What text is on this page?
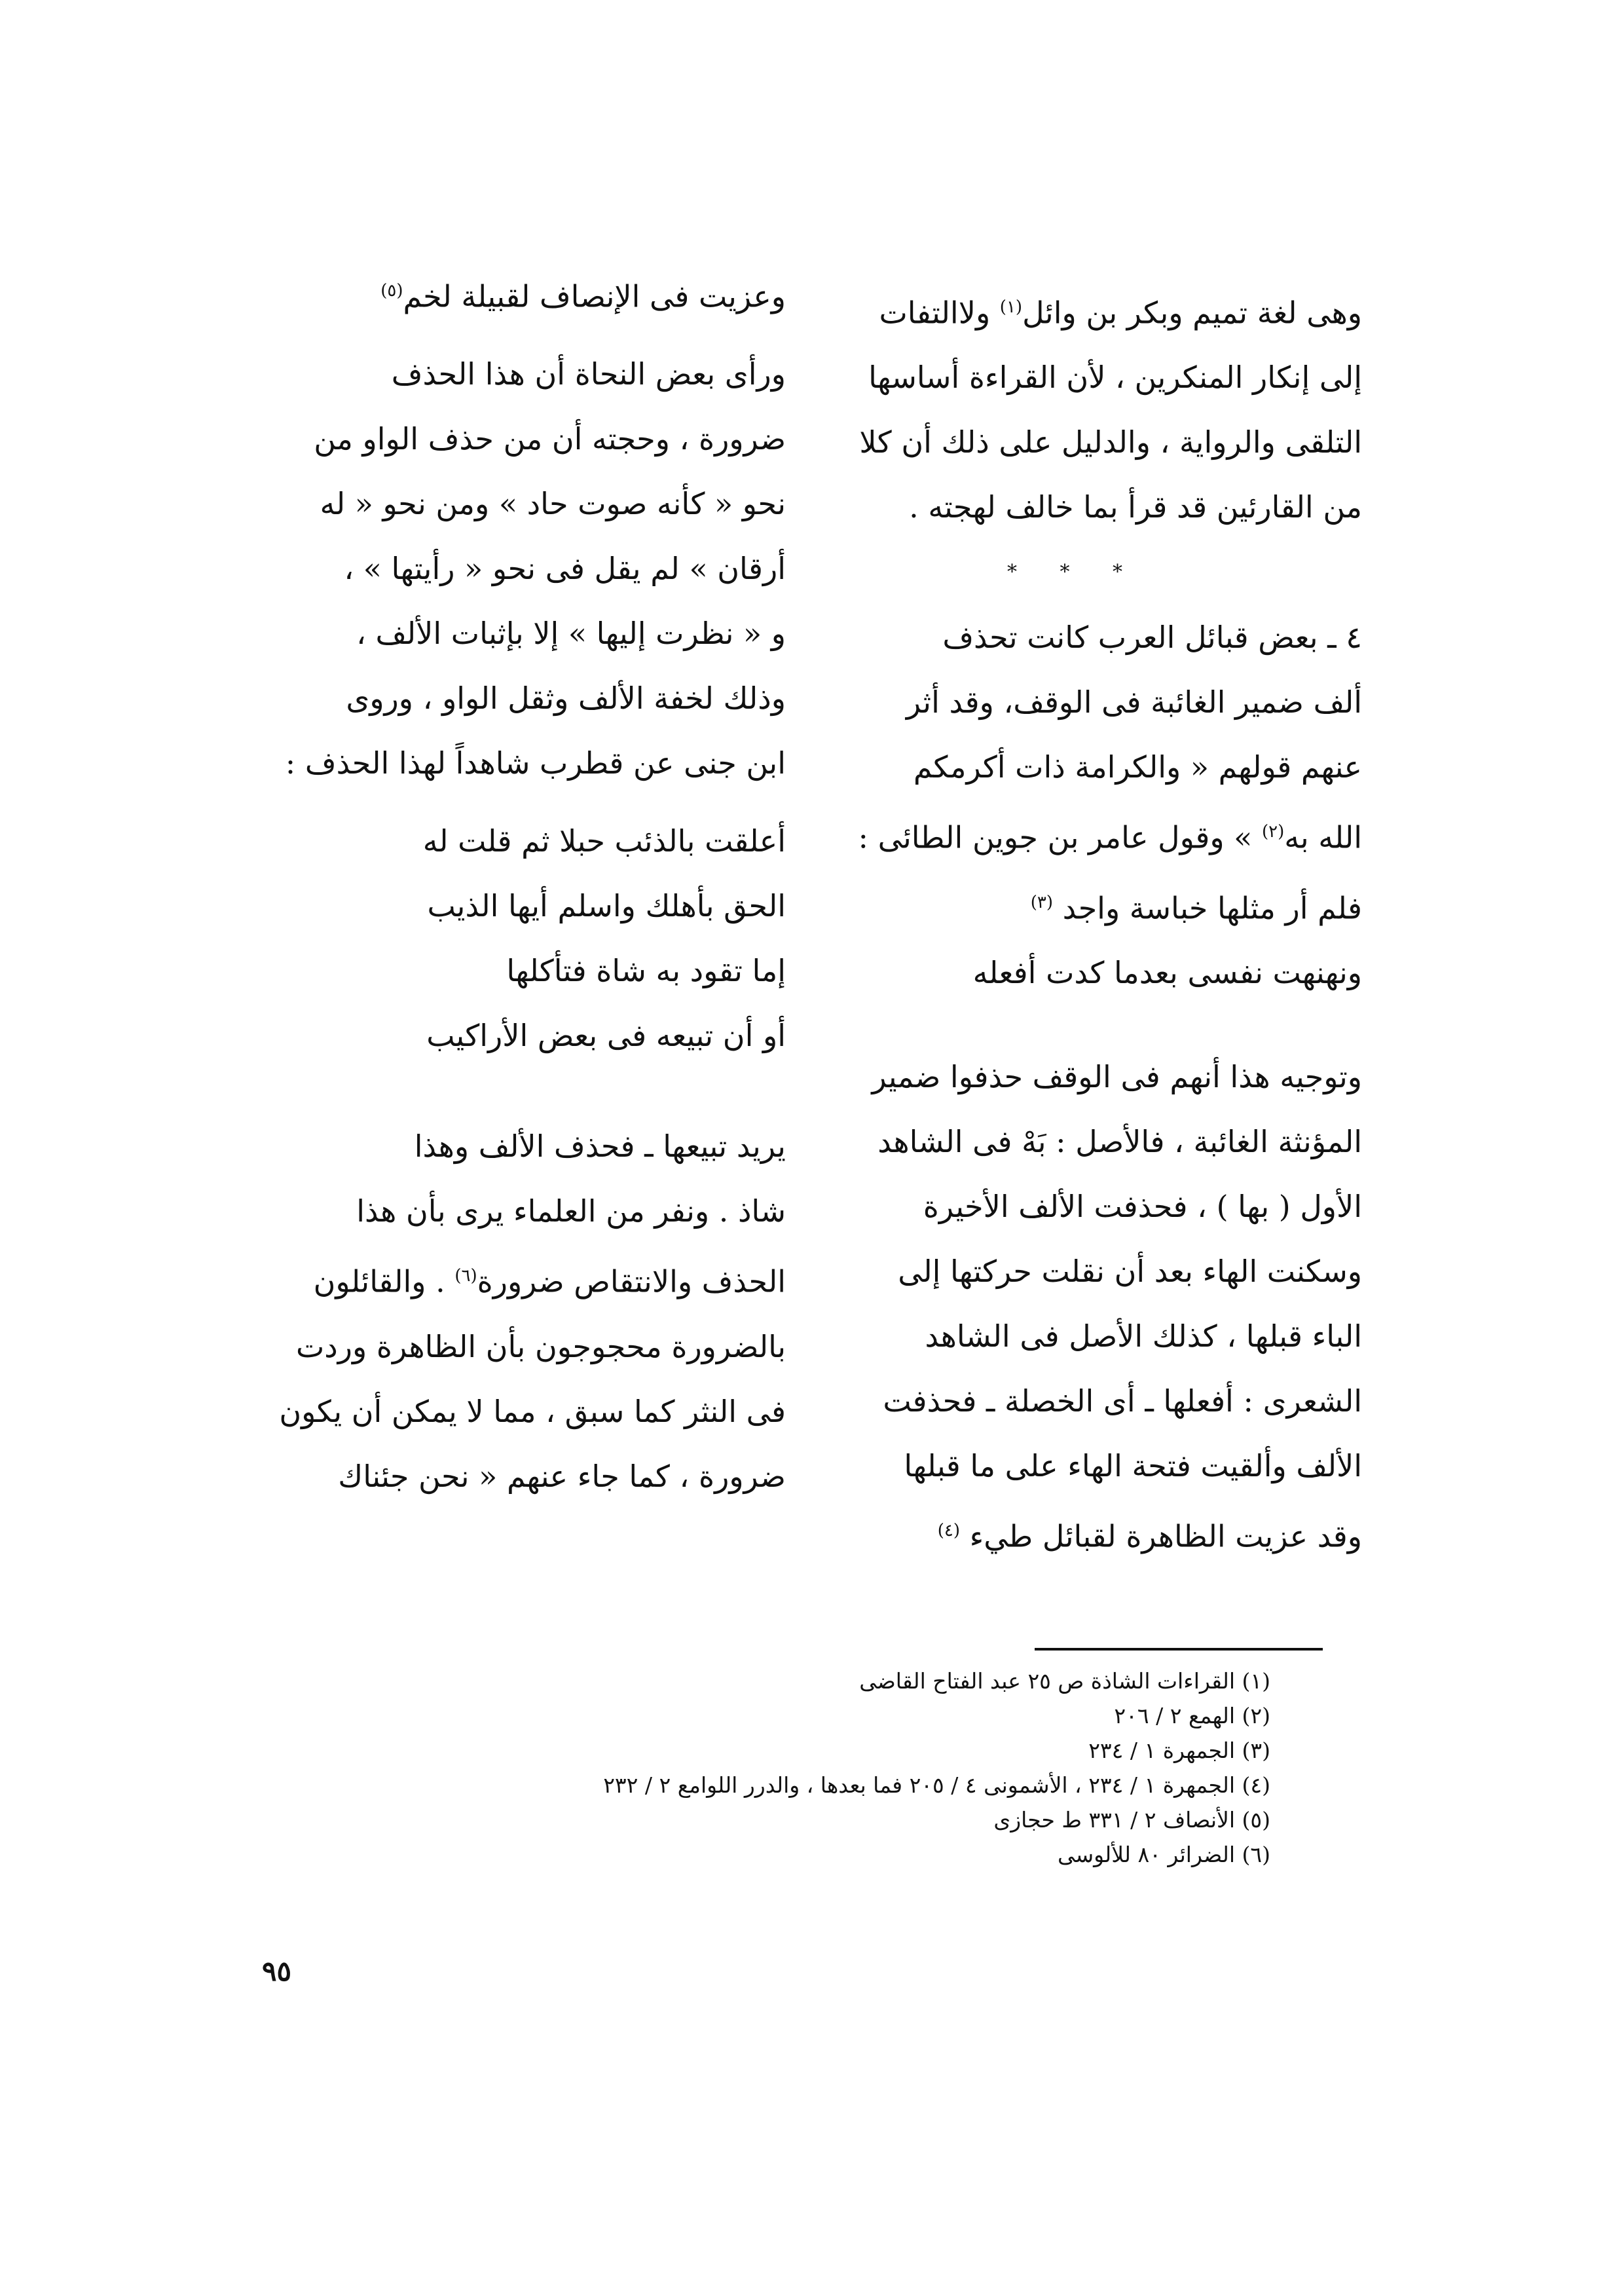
وهى لغة تميم وبكر بن وائل$^{(١)}$ ولاالتفات

إلى إنكار المنكرين ، لأن القراءة أساسها

التلقى والرواية ، والدليل على ذلك أن كلا

من القارئين قد قرأ بما خالف لهجته .

* * *

٤ ـ بعض قبائل العرب كانت تحذف

ألف ضمير الغائبة فى الوقف، وقد أثر

عنهم قولهم « والكرامة ذات أكرمكم

الله به$^{(٢)}$ » وقول عامر بن جوين الطائى :

فلم أر مثلها خباسة واجد $^{(٣)}$

ونهنهت نفسى بعدما كدت أفعله

وتوجيه هذا أنهم فى الوقف حذفوا ضمير

المؤنثة الغائبة ، فالأصل : بَهْ فى الشاهد

الأول ( بها ) ، فحذفت الألف الأخيرة

وسكنت الهاء بعد أن نقلت حركتها إلى

الباء قبلها ، كذلك الأصل فى الشاهد

الشعرى : أفعلها ـ أى الخصلة ـ فحذفت

الألف وألقيت فتحة الهاء على ما قبلها

وقد عزيت الظاهرة لقبائل طيء $^{(٤)}$

وعزيت فى الإنصاف لقبيلة لخم$^{(٥)}$

ورأى بعض النحاة أن هذا الحذف

ضرورة ، وحجته أن من حذف الواو من

نحو « كأنه صوت حاد » ومن نحو « له

أرقان » لم يقل فى نحو « رأيتها » ،

و « نظرت إليها » إلا بإثبات الألف ،

وذلك لخفة الألف وثقل الواو ، وروى

ابن جنى عن قطرب شاهداً لهذا الحذف :

أعلقت بالذئب حبلا ثم قلت له

الحق بأهلك واسلم أيها الذيب

إما تقود به شاة فتأكلها

أو أن تبيعه فى بعض الأراكيب

يريد تبيعها ـ فحذف الألف وهذا

شاذ . ونفر من العلماء يرى بأن هذا

الحذف والانتقاص ضرورة$^{(٦)}$ . والقائلون

بالضرورة محجوجون بأن الظاهرة وردت

فى النثر كما سبق ، مما لا يمكن أن يكون

ضرورة ، كما جاء عنهم « نحن جئناك

(١) القراءات الشاذة ص ٢٥ عبد الفتاح القاضى
(٢) الهمع ٢ / ٢٠٦
(٣) الجمهرة ١ / ٢٣٤
(٤) الجمهرة ١ / ٢٣٤ ، الأشمونى ٤ / ٢٠٥ فما بعدها ، والدرر اللوامع ٢ / ٢٣٢
(٥) الأنصاف ٢ / ٣٣١ ط حجازى
(٦) الضرائر ٨٠ للألوسى
٩٥
